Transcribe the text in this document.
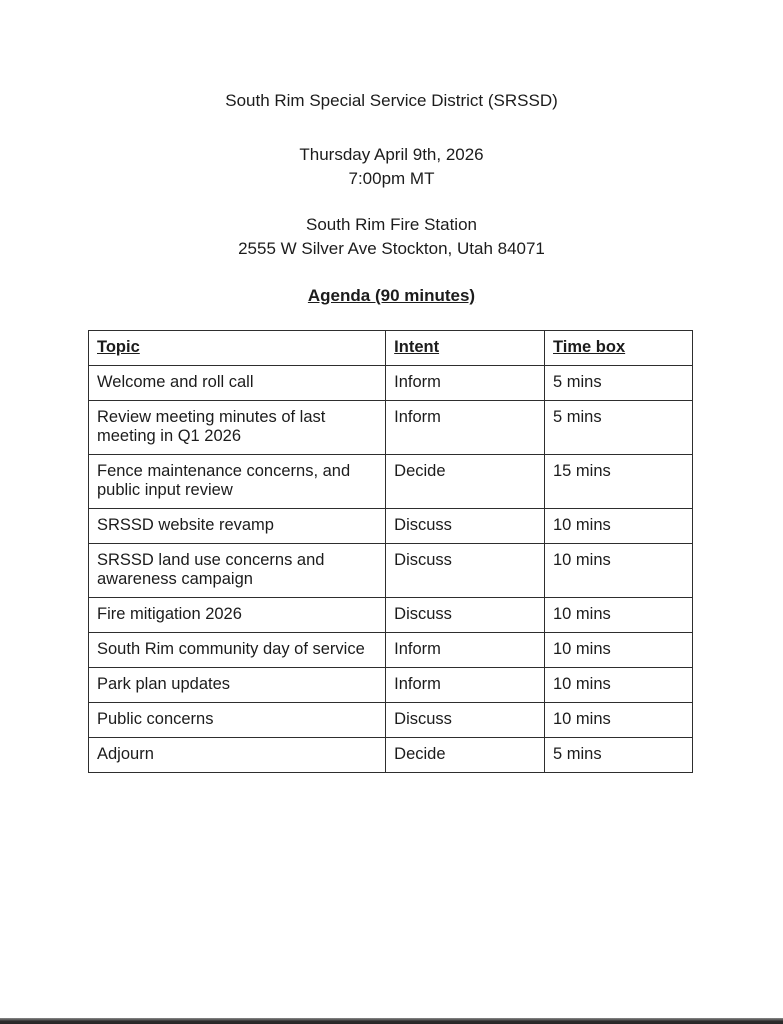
South Rim Special Service District (SRSSD)
Thursday April 9th, 2026
7:00pm MT
South Rim Fire Station
2555 W Silver Ave Stockton, Utah 84071
Agenda (90 minutes)
Topic	Intent	Time box
Welcome and roll call	Inform	5 mins
Review meeting minutes of last meeting in Q1 2026	Inform	5 mins
Fence maintenance concerns, and public input review	Decide	15 mins
SRSSD website revamp	Discuss	10 mins
SRSSD land use concerns and awareness campaign	Discuss	10 mins
Fire mitigation 2026	Discuss	10 mins
South Rim community day of service	Inform	10 mins
Park plan updates	Inform	10 mins
Public concerns	Discuss	10 mins
Adjourn	Decide	5 mins
